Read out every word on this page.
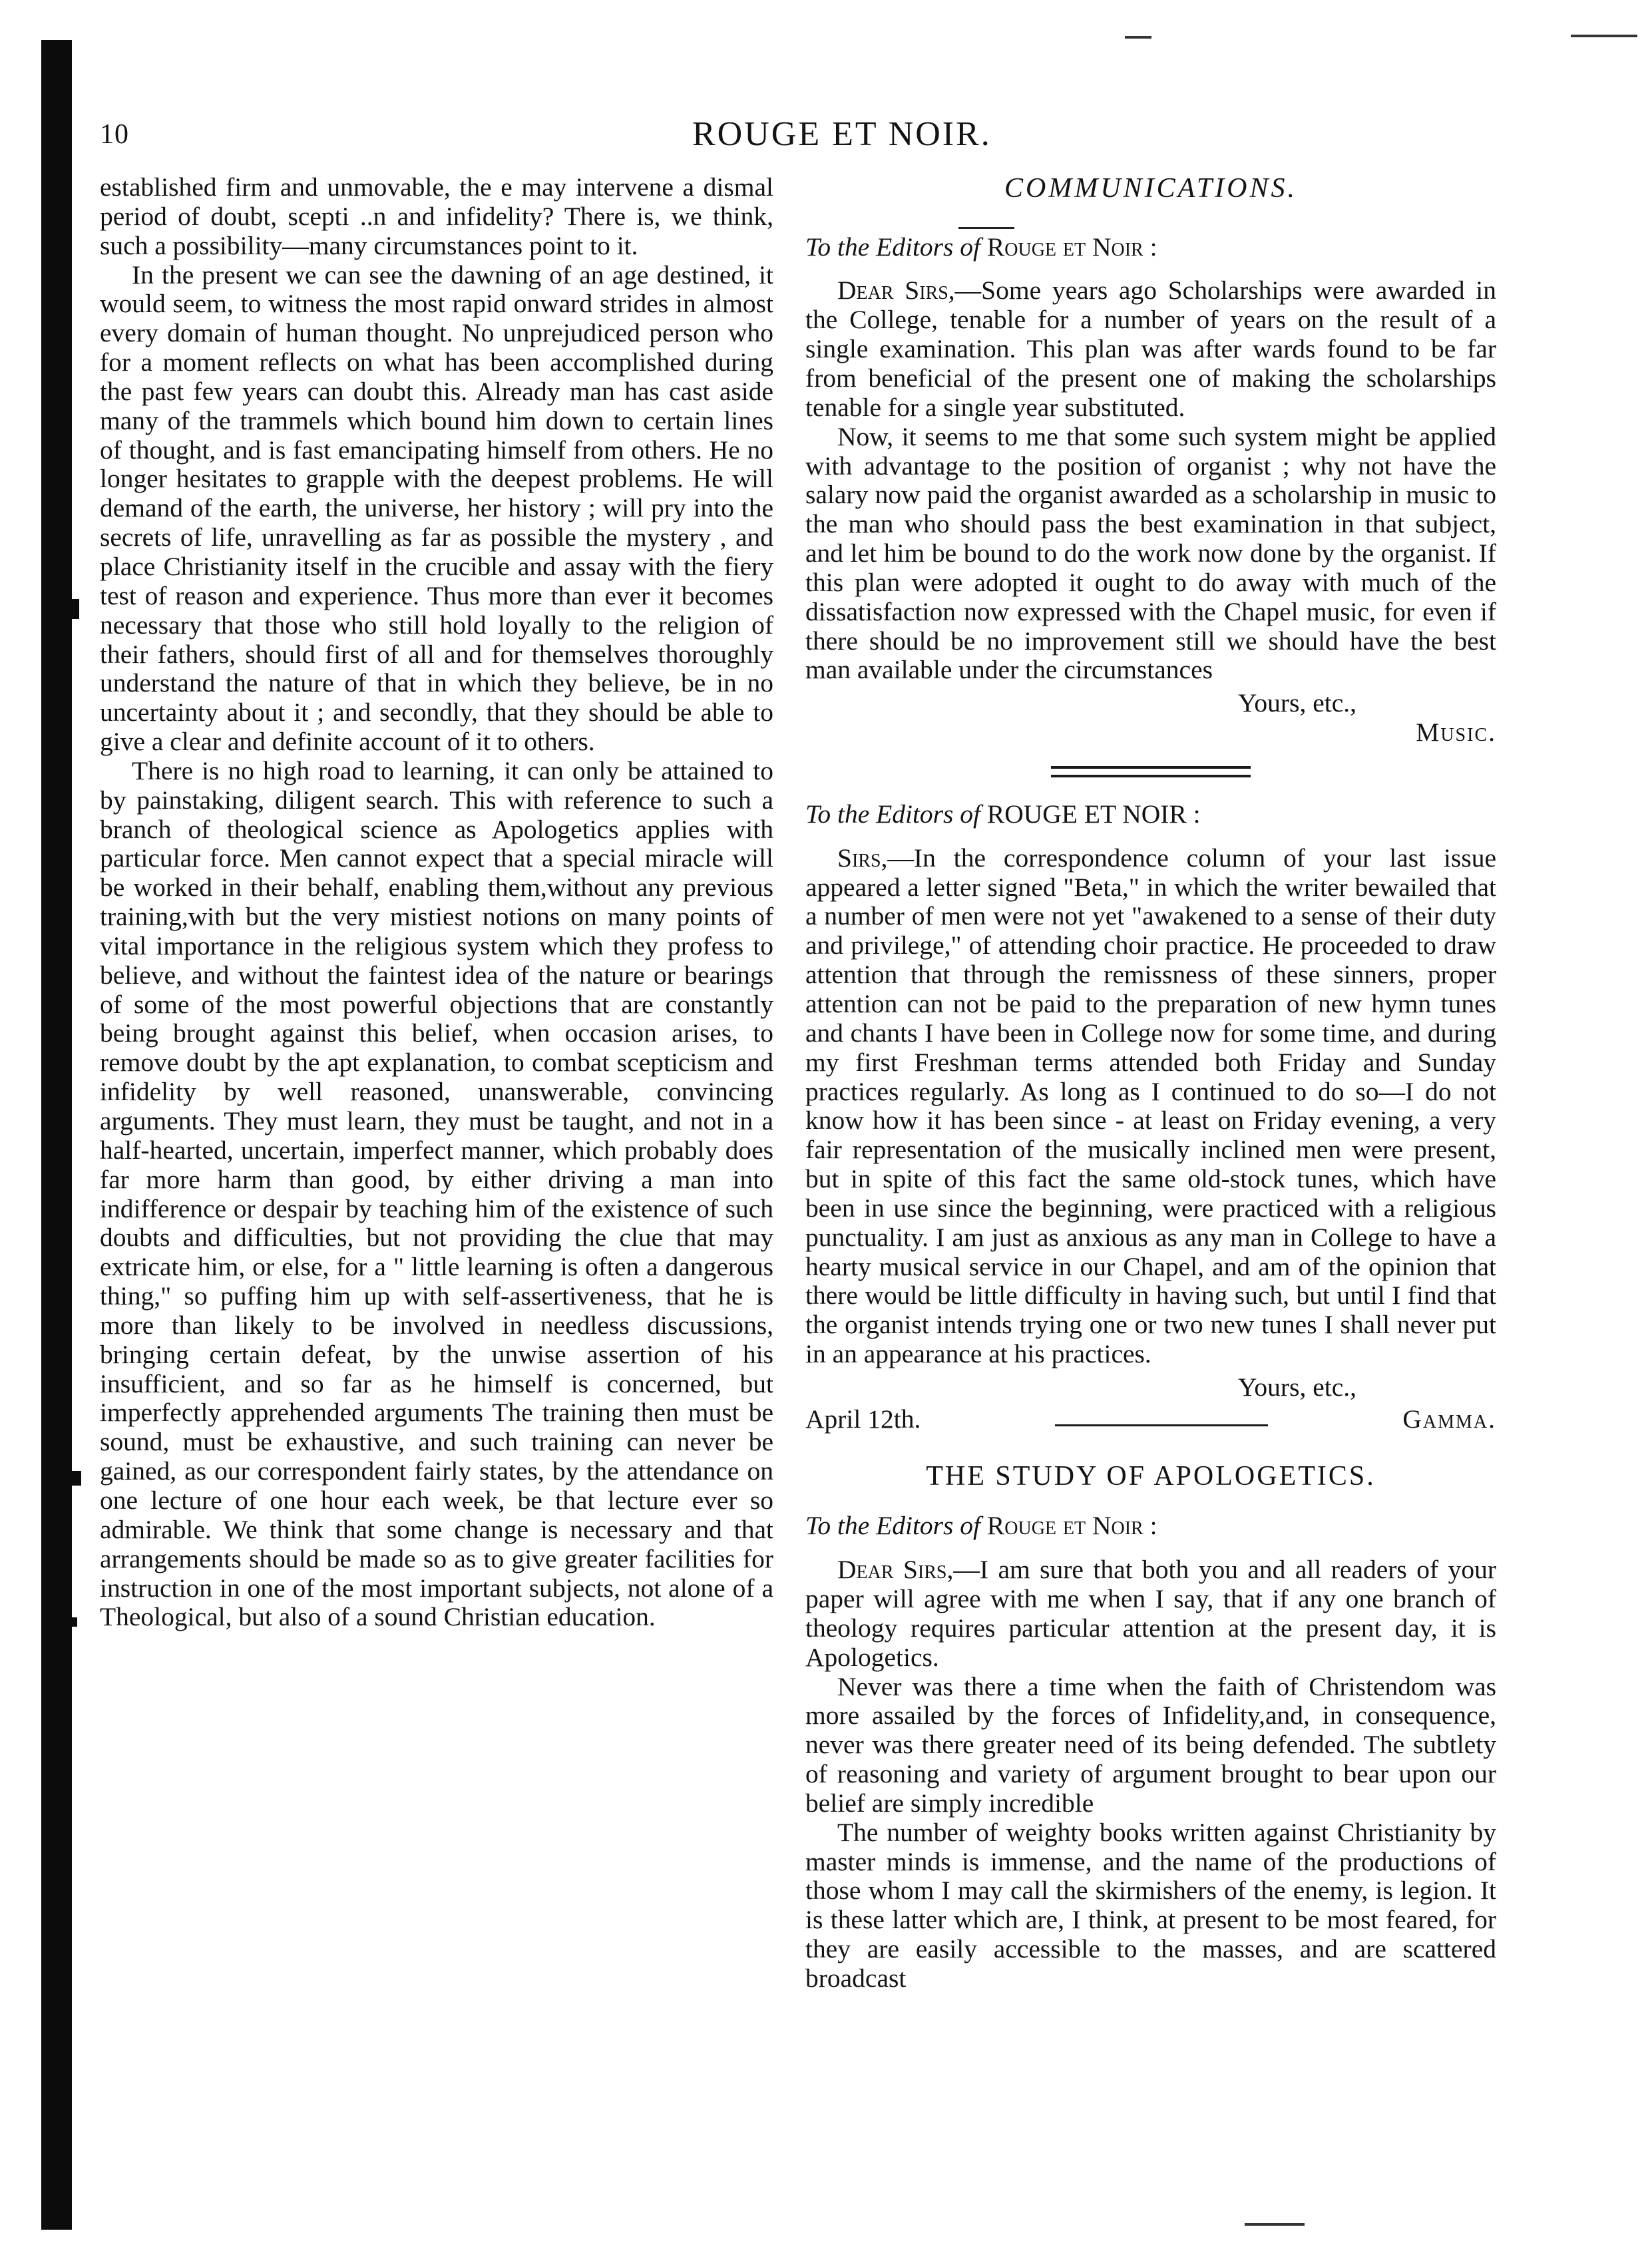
10	ROUGE ET NOIR.

established firm and unmovable, the e may intervene a dismal period of doubt, scepti ..n and infidelity? There is, we think, such a possibility—many circumstances point to it.

In the present we can see the dawning of an age destined, it would seem, to witness the most rapid onward strides in almost every domain of human thought. No unprejudiced person who for a moment reflects on what has been accomplished during the past few years can doubt this. Already man has cast aside many of the trammels which bound him down to certain lines of thought, and is fast emancipating himself from others. He no longer hesitates to grapple with the deepest problems. He will demand of the earth, the universe, her history ; will pry into the secrets of life, unravelling as far as possible the mystery , and place Christianity itself in the crucible and assay with the fiery test of reason and experience. Thus more than ever it becomes necessary that those who still hold loyally to the religion of their fathers, should first of all and for themselves thoroughly understand the nature of that in which they believe, be in no uncertainty about it ; and secondly, that they should be able to give a clear and definite account of it to others.

There is no high road to learning, it can only be attained to by painstaking, diligent search. This with reference to such a branch of theological science as Apologetics applies with particular force. Men cannot expect that a special miracle will be worked in their behalf, enabling them,without any previous training,with but the very mistiest notions on many points of vital importance in the religious system which they profess to believe, and without the faintest idea of the nature or bearings of some of the most powerful objections that are constantly being brought against this belief, when occasion arises, to remove doubt by the apt explanation, to combat scepticism and infidelity by well reasoned, unanswerable, convincing arguments. They must learn, they must be taught, and not in a half-hearted, uncertain, imperfect manner, which probably does far more harm than good, by either driving a man into indifference or despair by teaching him of the existence of such doubts and difficulties, but not providing the clue that may extricate him, or else, for a " little learning is often a dangerous thing," so puffing him up with self-assertiveness, that he is more than likely to be involved in needless discussions, bringing certain defeat, by the unwise assertion of his insufficient, and so far as he himself is concerned, but imperfectly apprehended arguments The training then must be sound, must be exhaustive, and such training can never be gained, as our correspondent fairly states, by the attendance on one lecture of one hour each week, be that lecture ever so admirable. We think that some change is necessary and that arrangements should be made so as to give greater facilities for instruction in one of the most important subjects, not alone of a Theological, but also of a sound Christian education.

COMMUNICATIONS.

To the Editors of Rouge et Noir :

Dear Sirs,—Some years ago Scholarships were awarded in the College, tenable for a number of years on the result of a single examination. This plan was after wards found to be far from beneficial of the present one of making the scholarships tenable for a single year substituted.

Now, it seems to me that some such system might be applied with advantage to the position of organist ; why not have the salary now paid the organist awarded as a scholarship in music to the man who should pass the best examination in that subject, and let him be bound to do the work now done by the organist. If this plan were adopted it ought to do away with much of the dissatisfaction now expressed with the Chapel music, for even if there should be no improvement still we should have the best man available under the circumstances

Yours, etc.,

Music.

To the Editors of ROUGE ET NOIR :

Sirs,—In the correspondence column of your last issue appeared a letter signed "Beta," in which the writer bewailed that a number of men were not yet "awakened to a sense of their duty and privilege," of attending choir practice. He proceeded to draw attention that through the remissness of these sinners, proper attention can not be paid to the preparation of new hymn tunes and chants I have been in College now for some time, and during my first Freshman terms attended both Friday and Sunday practices regularly. As long as I continued to do so—I do not know how it has been since - at least on Friday evening, a very fair representation of the musically inclined men were present, but in spite of this fact the same old-stock tunes, which have been in use since the beginning, were practiced with a religious punctuality. I am just as anxious as any man in College to have a hearty musical service in our Chapel, and am of the opinion that there would be little difficulty in having such, but until I find that the organist intends trying one or two new tunes I shall never put in an appearance at his practices.

Yours, etc.,

April 12th.	Gamma.
THE STUDY OF APOLOGETICS.

To the Editors of Rouge et Noir :

Dear Sirs,—I am sure that both you and all readers of your paper will agree with me when I say, that if any one branch of theology requires particular attention at the present day, it is Apologetics.

Never was there a time when the faith of Christendom was more assailed by the forces of Infidelity,and, in consequence, never was there greater need of its being defended. The subtlety of reasoning and variety of argument brought to bear upon our belief are simply incredible

The number of weighty books written against Christianity by master minds is immense, and the name of the productions of those whom I may call the skirmishers of the enemy, is legion. It is these latter which are, I think, at present to be most feared, for they are easily accessible to the masses, and are scattered broadcast
